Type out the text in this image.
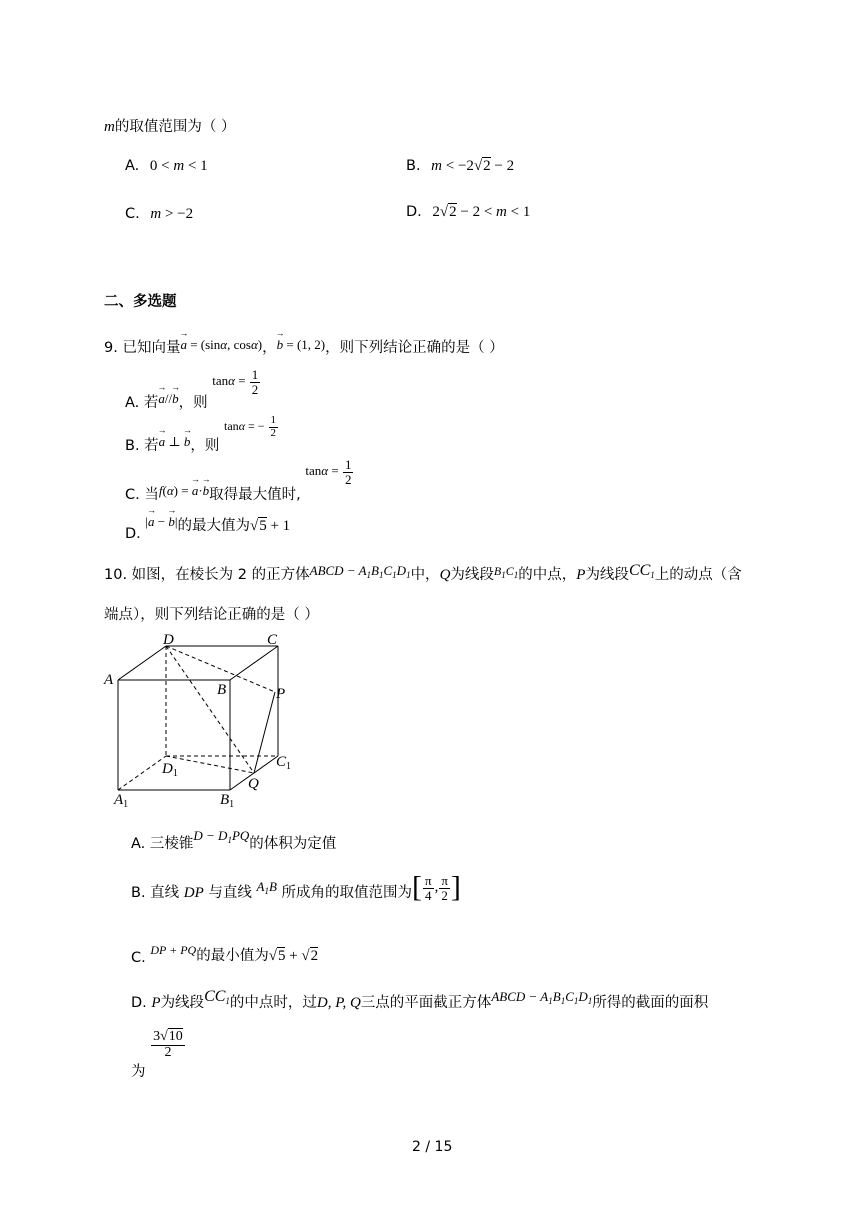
m的取值范围为（ ）
A. 0 < m < 1	B. m < −2√2 − 2
C. m > −2	D. 2√2 − 2 < m < 1
二、多选题
9. 已知向量→ a = (sinα, cosα)，→ b = (1, 2)，则下列结论正确的是（ ）
A. 若→ a//→ b，则 $\tan\alpha = \frac{1}{2}$
B. 若→ a ⊥ → b，则 tanα = − $\frac{1}{2}$
C. 当f(α) = → a·→ b取得最大值时, $\tan\alpha = \frac{1}{2}$
D. |→ a − → b|的最大值为√5 + 1
10. 如图，在棱长为 2 的正方体ABCD − $A_1B_1C_1D_1$中，Q为线段$^{B_1C_1}$的中点，P为线段$CC_1$上的动点（含
端点），则下列结论正确的是（ ）
D	C
A
B	P
$D_1$
$C_1$
Q
$A_1$	$B_1$
A. 三棱锥$D - D_1PQ$的体积为定值
B. 直线 DP 与直线 $A_1B$ 所成角的取值范围为[ $\frac{\pi}{4}$ , $\frac{\pi}{2}$ ]
C. DP + PQ的最小值为√5 + √2
D. P为线段$CC_1$的中点时，过D, P, Q三点的平面截正方体ABCD − $A_1B_1C_1D_1$所得的截面的面积
为
$\frac{3√10}{2}$
2 / 15
